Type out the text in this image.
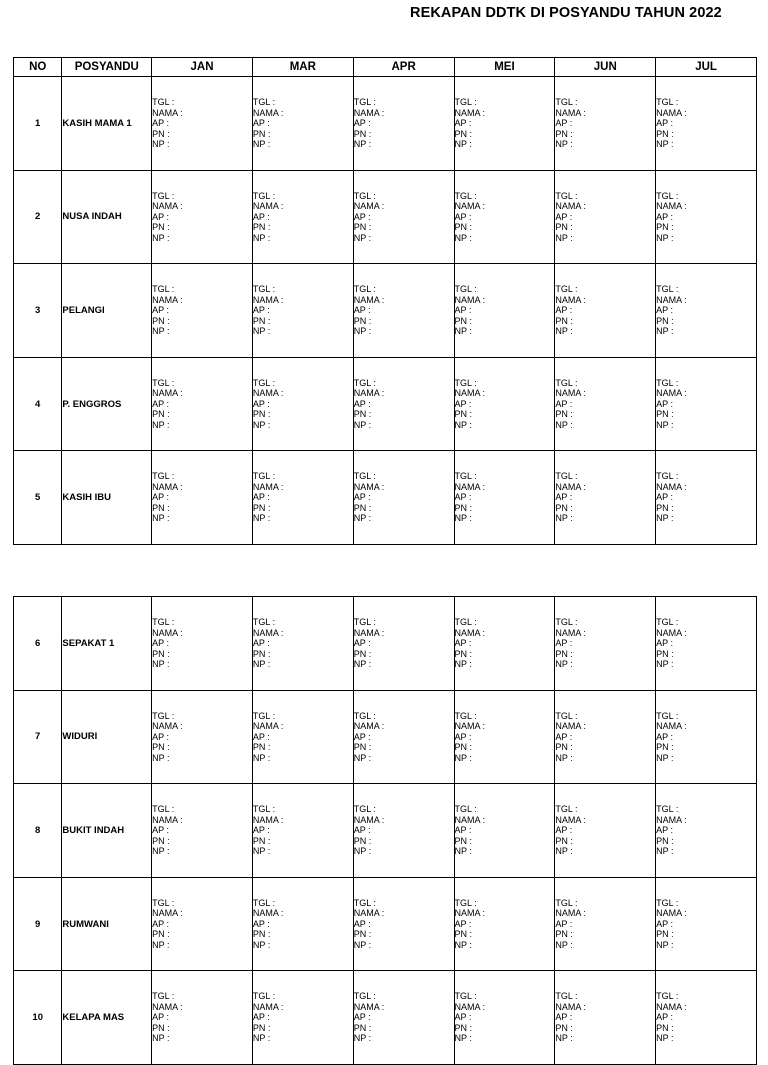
REKAPAN DDTK DI POSYANDU TAHUN 2022
NO	POSYANDU	JAN	MAR	APR	MEI	JUN	JUL
1	KASIH MAMA 1	TGL :
NAMA :
AP :
PN :
NP :	TGL :
NAMA :
AP :
PN :
NP :	TGL :
NAMA :
AP :
PN :
NP :	TGL :
NAMA :
AP :
PN :
NP :	TGL :
NAMA :
AP :
PN :
NP :	TGL :
NAMA :
AP :
PN :
NP :

2	NUSA INDAH	TGL :
NAMA :
AP :
PN :
NP :	TGL :
NAMA :
AP :
PN :
NP :	TGL :
NAMA :
AP :
PN :
NP :	TGL :
NAMA :
AP :
PN :
NP :	TGL :
NAMA :
AP :
PN :
NP :	TGL :
NAMA :
AP :
PN :
NP :

3	PELANGI	TGL :
NAMA :
AP :
PN :
NP :	TGL :
NAMA :
AP :
PN :
NP :	TGL :
NAMA :
AP :
PN :
NP :	TGL :
NAMA :
AP :
PN :
NP :	TGL :
NAMA :
AP :
PN :
NP :	TGL :
NAMA :
AP :
PN :
NP :

4	P. ENGGROS	TGL :
NAMA :
AP :
PN :
NP :	TGL :
NAMA :
AP :
PN :
NP :	TGL :
NAMA :
AP :
PN :
NP :	TGL :
NAMA :
AP :
PN :
NP :	TGL :
NAMA :
AP :
PN :
NP :	TGL :
NAMA :
AP :
PN :
NP :

5	KASIH IBU	TGL :
NAMA :
AP :
PN :
NP :	TGL :
NAMA :
AP :
PN :
NP :	TGL :
NAMA :
AP :
PN :
NP :	TGL :
NAMA :
AP :
PN :
NP :	TGL :
NAMA :
AP :
PN :
NP :	TGL :
NAMA :
AP :
PN :
NP :
6	SEPAKAT 1	TGL :
NAMA :
AP :
PN :
NP :	TGL :
NAMA :
AP :
PN :
NP :	TGL :
NAMA :
AP :
PN :
NP :	TGL :
NAMA :
AP :
PN :
NP :	TGL :
NAMA :
AP :
PN :
NP :	TGL :
NAMA :
AP :
PN :
NP :

7	WIDURI	TGL :
NAMA :
AP :
PN :
NP :	TGL :
NAMA :
AP :
PN :
NP :	TGL :
NAMA :
AP :
PN :
NP :	TGL :
NAMA :
AP :
PN :
NP :	TGL :
NAMA :
AP :
PN :
NP :	TGL :
NAMA :
AP :
PN :
NP :

8	BUKIT INDAH	TGL :
NAMA :
AP :
PN :
NP :	TGL :
NAMA :
AP :
PN :
NP :	TGL :
NAMA :
AP :
PN :
NP :	TGL :
NAMA :
AP :
PN :
NP :	TGL :
NAMA :
AP :
PN :
NP :	TGL :
NAMA :
AP :
PN :
NP :

9	RUMWANI	TGL :
NAMA :
AP :
PN :
NP :	TGL :
NAMA :
AP :
PN :
NP :	TGL :
NAMA :
AP :
PN :
NP :	TGL :
NAMA :
AP :
PN :
NP :	TGL :
NAMA :
AP :
PN :
NP :	TGL :
NAMA :
AP :
PN :
NP :

10	KELAPA MAS	TGL :
NAMA :
AP :
PN :
NP :	TGL :
NAMA :
AP :
PN :
NP :	TGL :
NAMA :
AP :
PN :
NP :	TGL :
NAMA :
AP :
PN :
NP :	TGL :
NAMA :
AP :
PN :
NP :	TGL :
NAMA :
AP :
PN :
NP :
